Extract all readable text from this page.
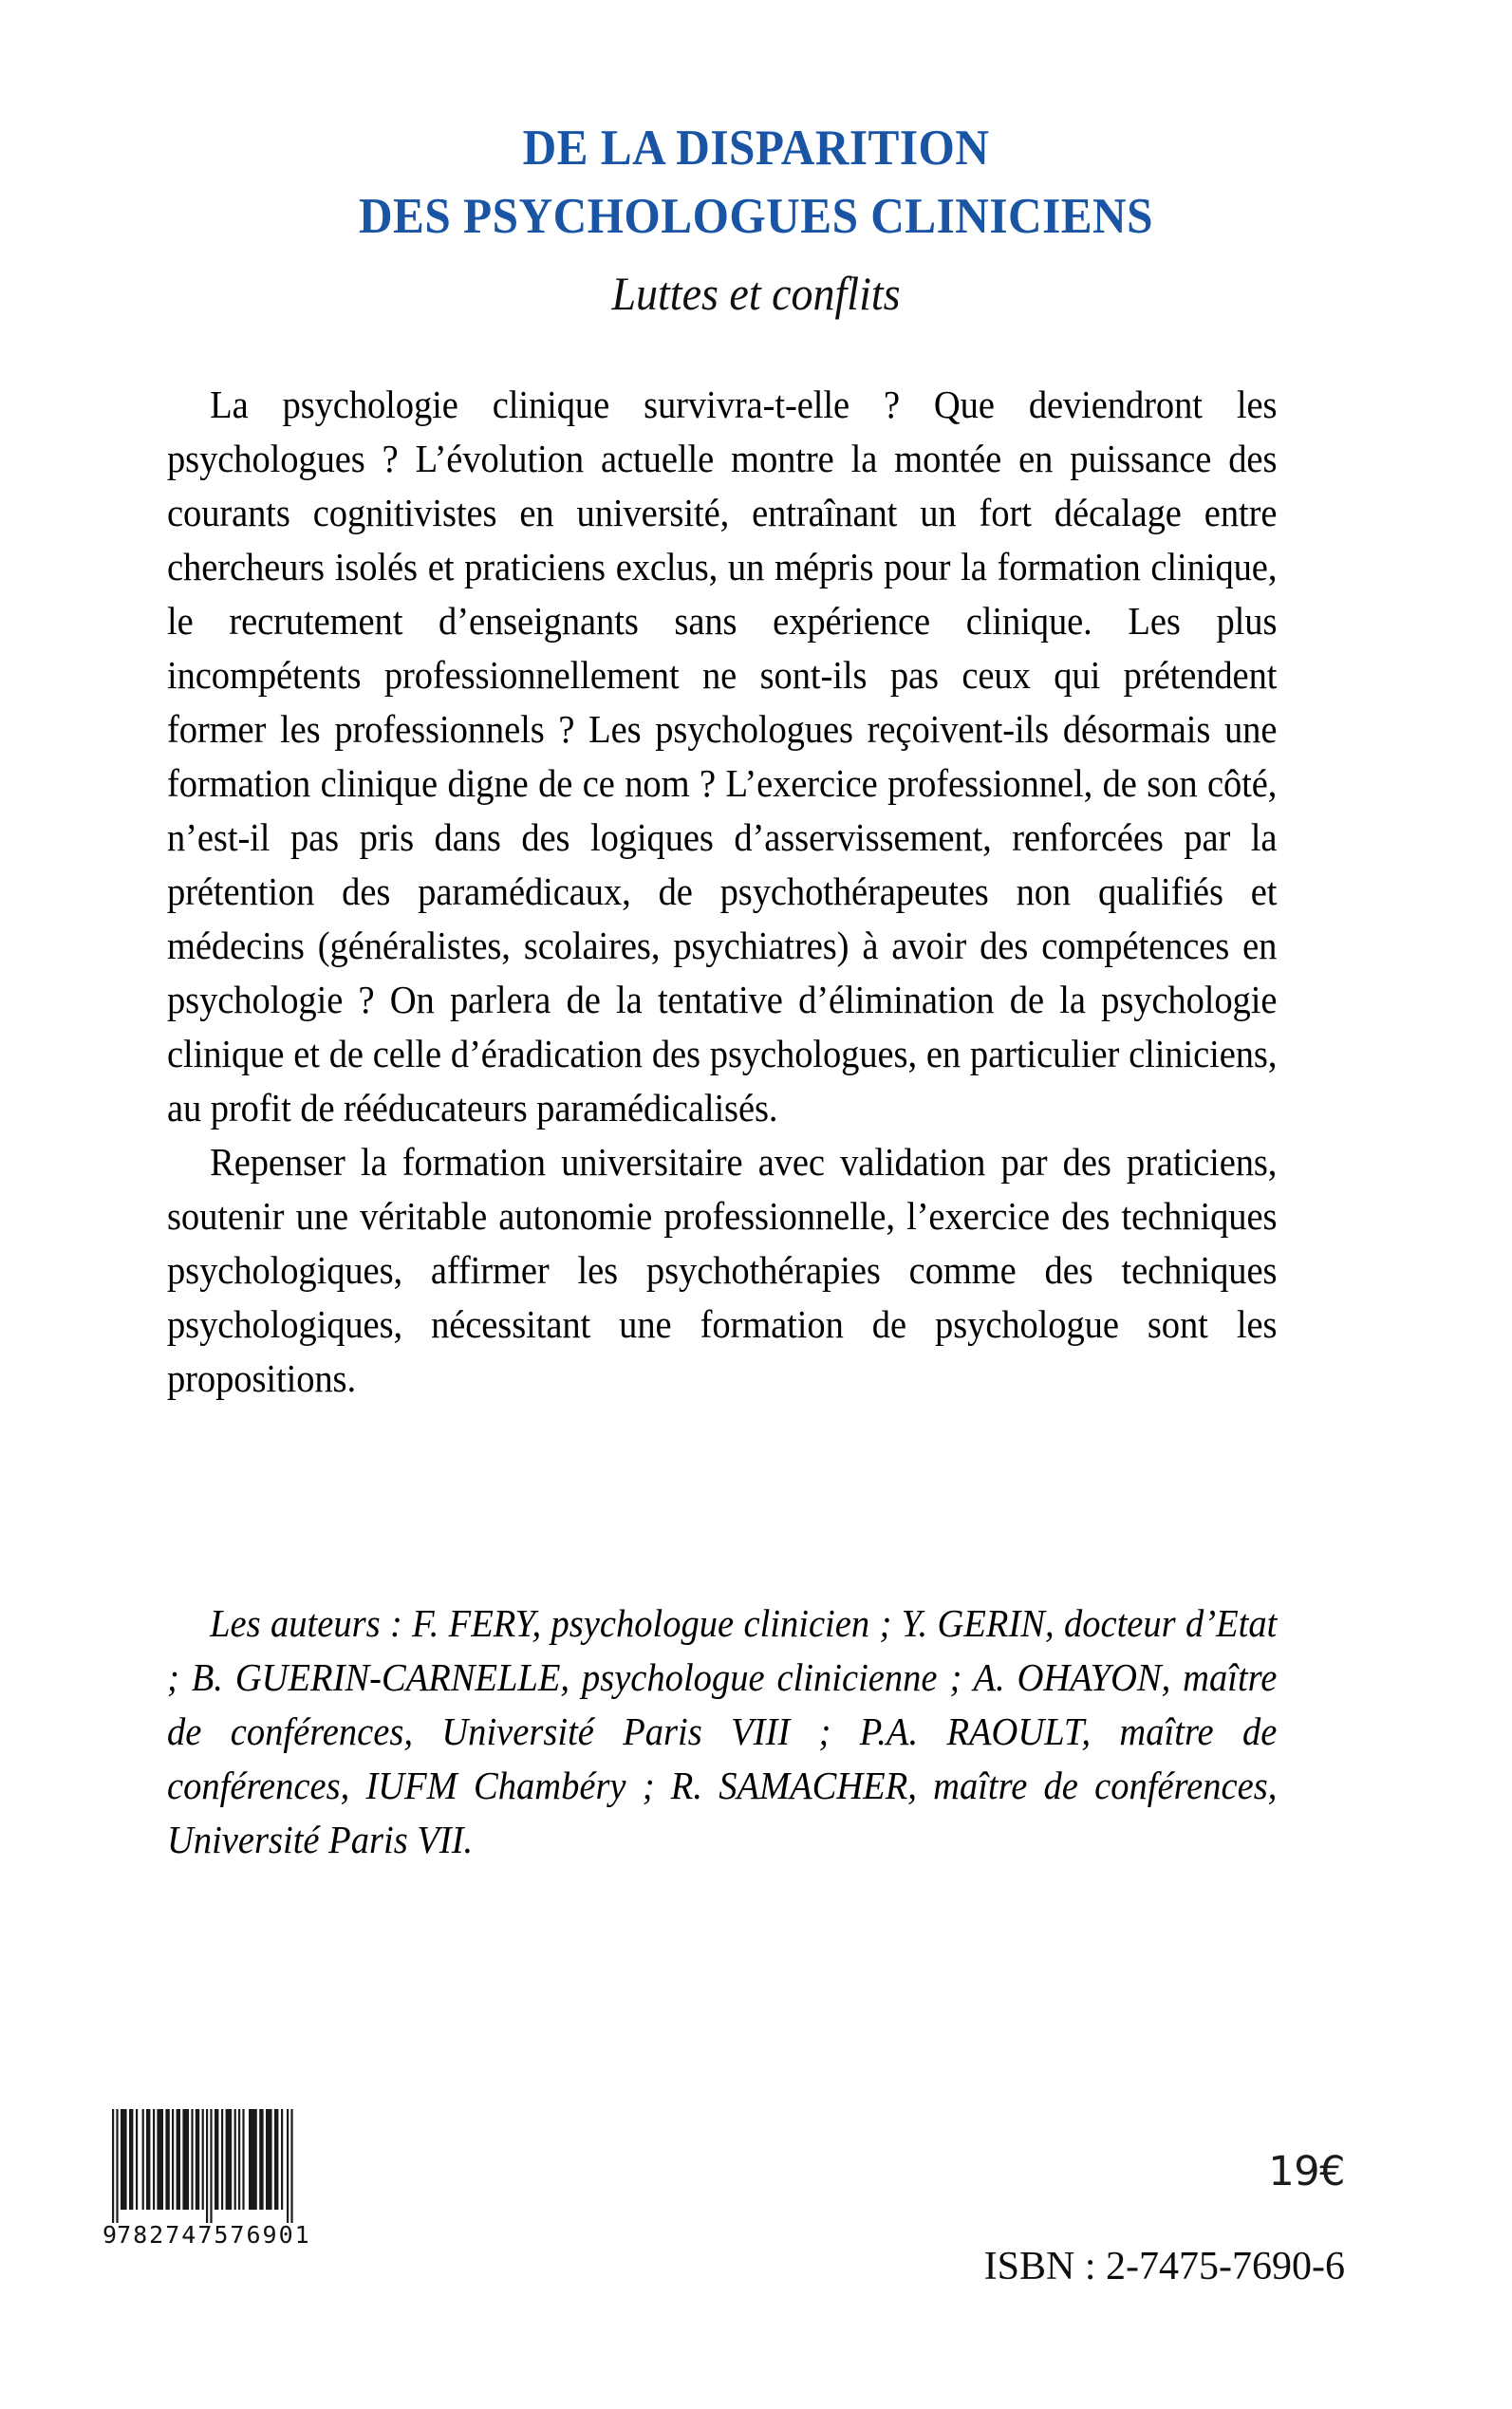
DE LA DISPARITION
DES PSYCHOLOGUES CLINICIENS
Luttes et conflits

La psychologie clinique survivra-t-elle ? Que deviendront les psychologues ? L’évolution actuelle montre la montée en puissance des courants cognitivistes en université, entraînant un fort décalage entre chercheurs isolés et praticiens exclus, un mépris pour la formation clinique, le recrutement d’enseignants sans expérience clinique. Les plus incompétents professionnellement ne sont-ils pas ceux qui prétendent former les professionnels ? Les psychologues reçoivent-ils désormais une formation clinique digne de ce nom ? L’exercice professionnel, de son côté, n’est-il pas pris dans des logiques d’asservissement, renforcées par la prétention des paramédicaux, de psychothérapeutes non qualifiés et médecins (généralistes, scolaires, psychiatres) à avoir des compétences en psychologie ? On parlera de la tentative d’élimination de la psychologie clinique et de celle d’éradication des psychologues, en particulier cliniciens, au profit de rééducateurs paramédicalisés.

Repenser la formation universitaire avec validation par des praticiens, soutenir une véritable autonomie professionnelle, l’exercice des techniques psychologiques, affirmer les psychothérapies comme des techniques psychologiques, nécessitant une formation de psychologue sont les propositions.

Les auteurs : F. FERY, psychologue clinicien ; Y. GERIN, docteur d’Etat ; B. GUERIN-CARNELLE, psychologue clinicienne ; A. OHAYON, maître de conférences, Université Paris VIII ; P.A. RAOULT, maître de conférences, IUFM Chambéry ; R. SAMACHER, maître de conférences, Université Paris VII.

9 782747 576901
19€
ISBN : 2-7475-7690-6
